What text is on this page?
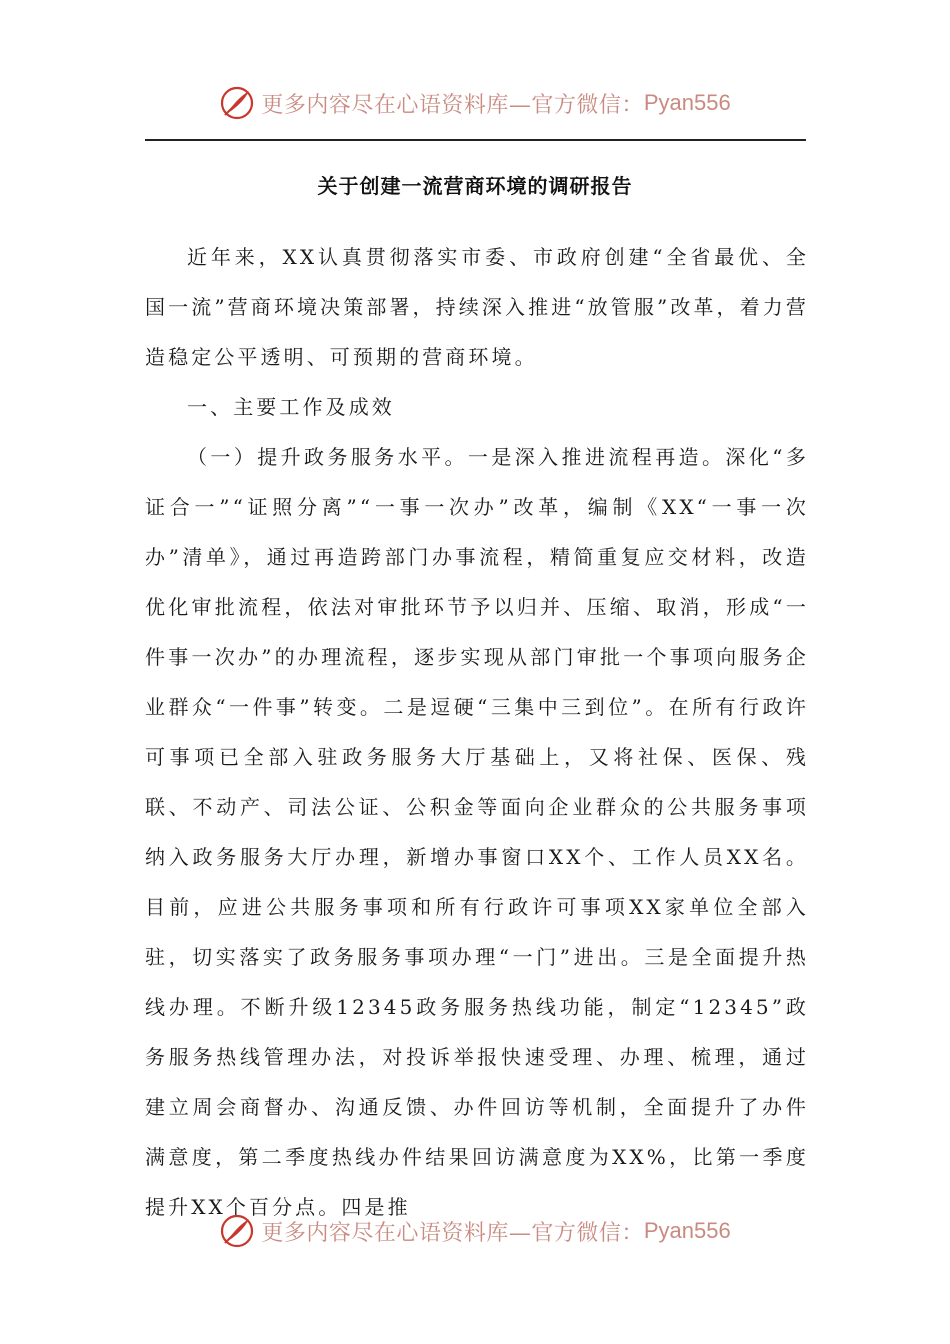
更多内容尽在心语资料库—官方微信： Pyan556
关于创建一流营商环境的调研报告

近年来，XX认真贯彻落实市委、市政府创建“全省最优、全国一流”营商环境决策部署，持续深入推进“放管服”改革，着力营造稳定公平透明、可预期的营商环境。

一、主要工作及成效

（一）提升政务服务水平。一是深入推进流程再造。深化“多证合一”“证照分离”“一事一次办”改革，编制《XX“一事一次办”清单》，通过再造跨部门办事流程，精简重复应交材料，改造优化审批流程，依法对审批环节予以归并、压缩、取消，形成“一件事一次办”的办理流程，逐步实现从部门审批一个事项向服务企业群众“一件事”转变。二是逗硬“三集中三到位”。在所有行政许可事项已全部入驻政务服务大厅基础上，又将社保、医保、残联、不动产、司法公证、公积金等面向企业群众的公共服务事项纳入政务服务大厅办理，新增办事窗口XX个、工作人员XX名。目前，应进公共服务事项和所有行政许可事项XX家单位全部入驻，切实落实了政务服务事项办理“一门”进出。三是全面提升热线办理。不断升级12345政务服务热线功能，制定“12345”政务服务热线管理办法，对投诉举报快速受理、办理、梳理，通过建立周会商督办、沟通反馈、办件回访等机制，全面提升了办件满意度，第二季度热线办件结果回访满意度为XX%，比第一季度提升XX个百分点。四是推

更多内容尽在心语资料库—官方微信： Pyan556
